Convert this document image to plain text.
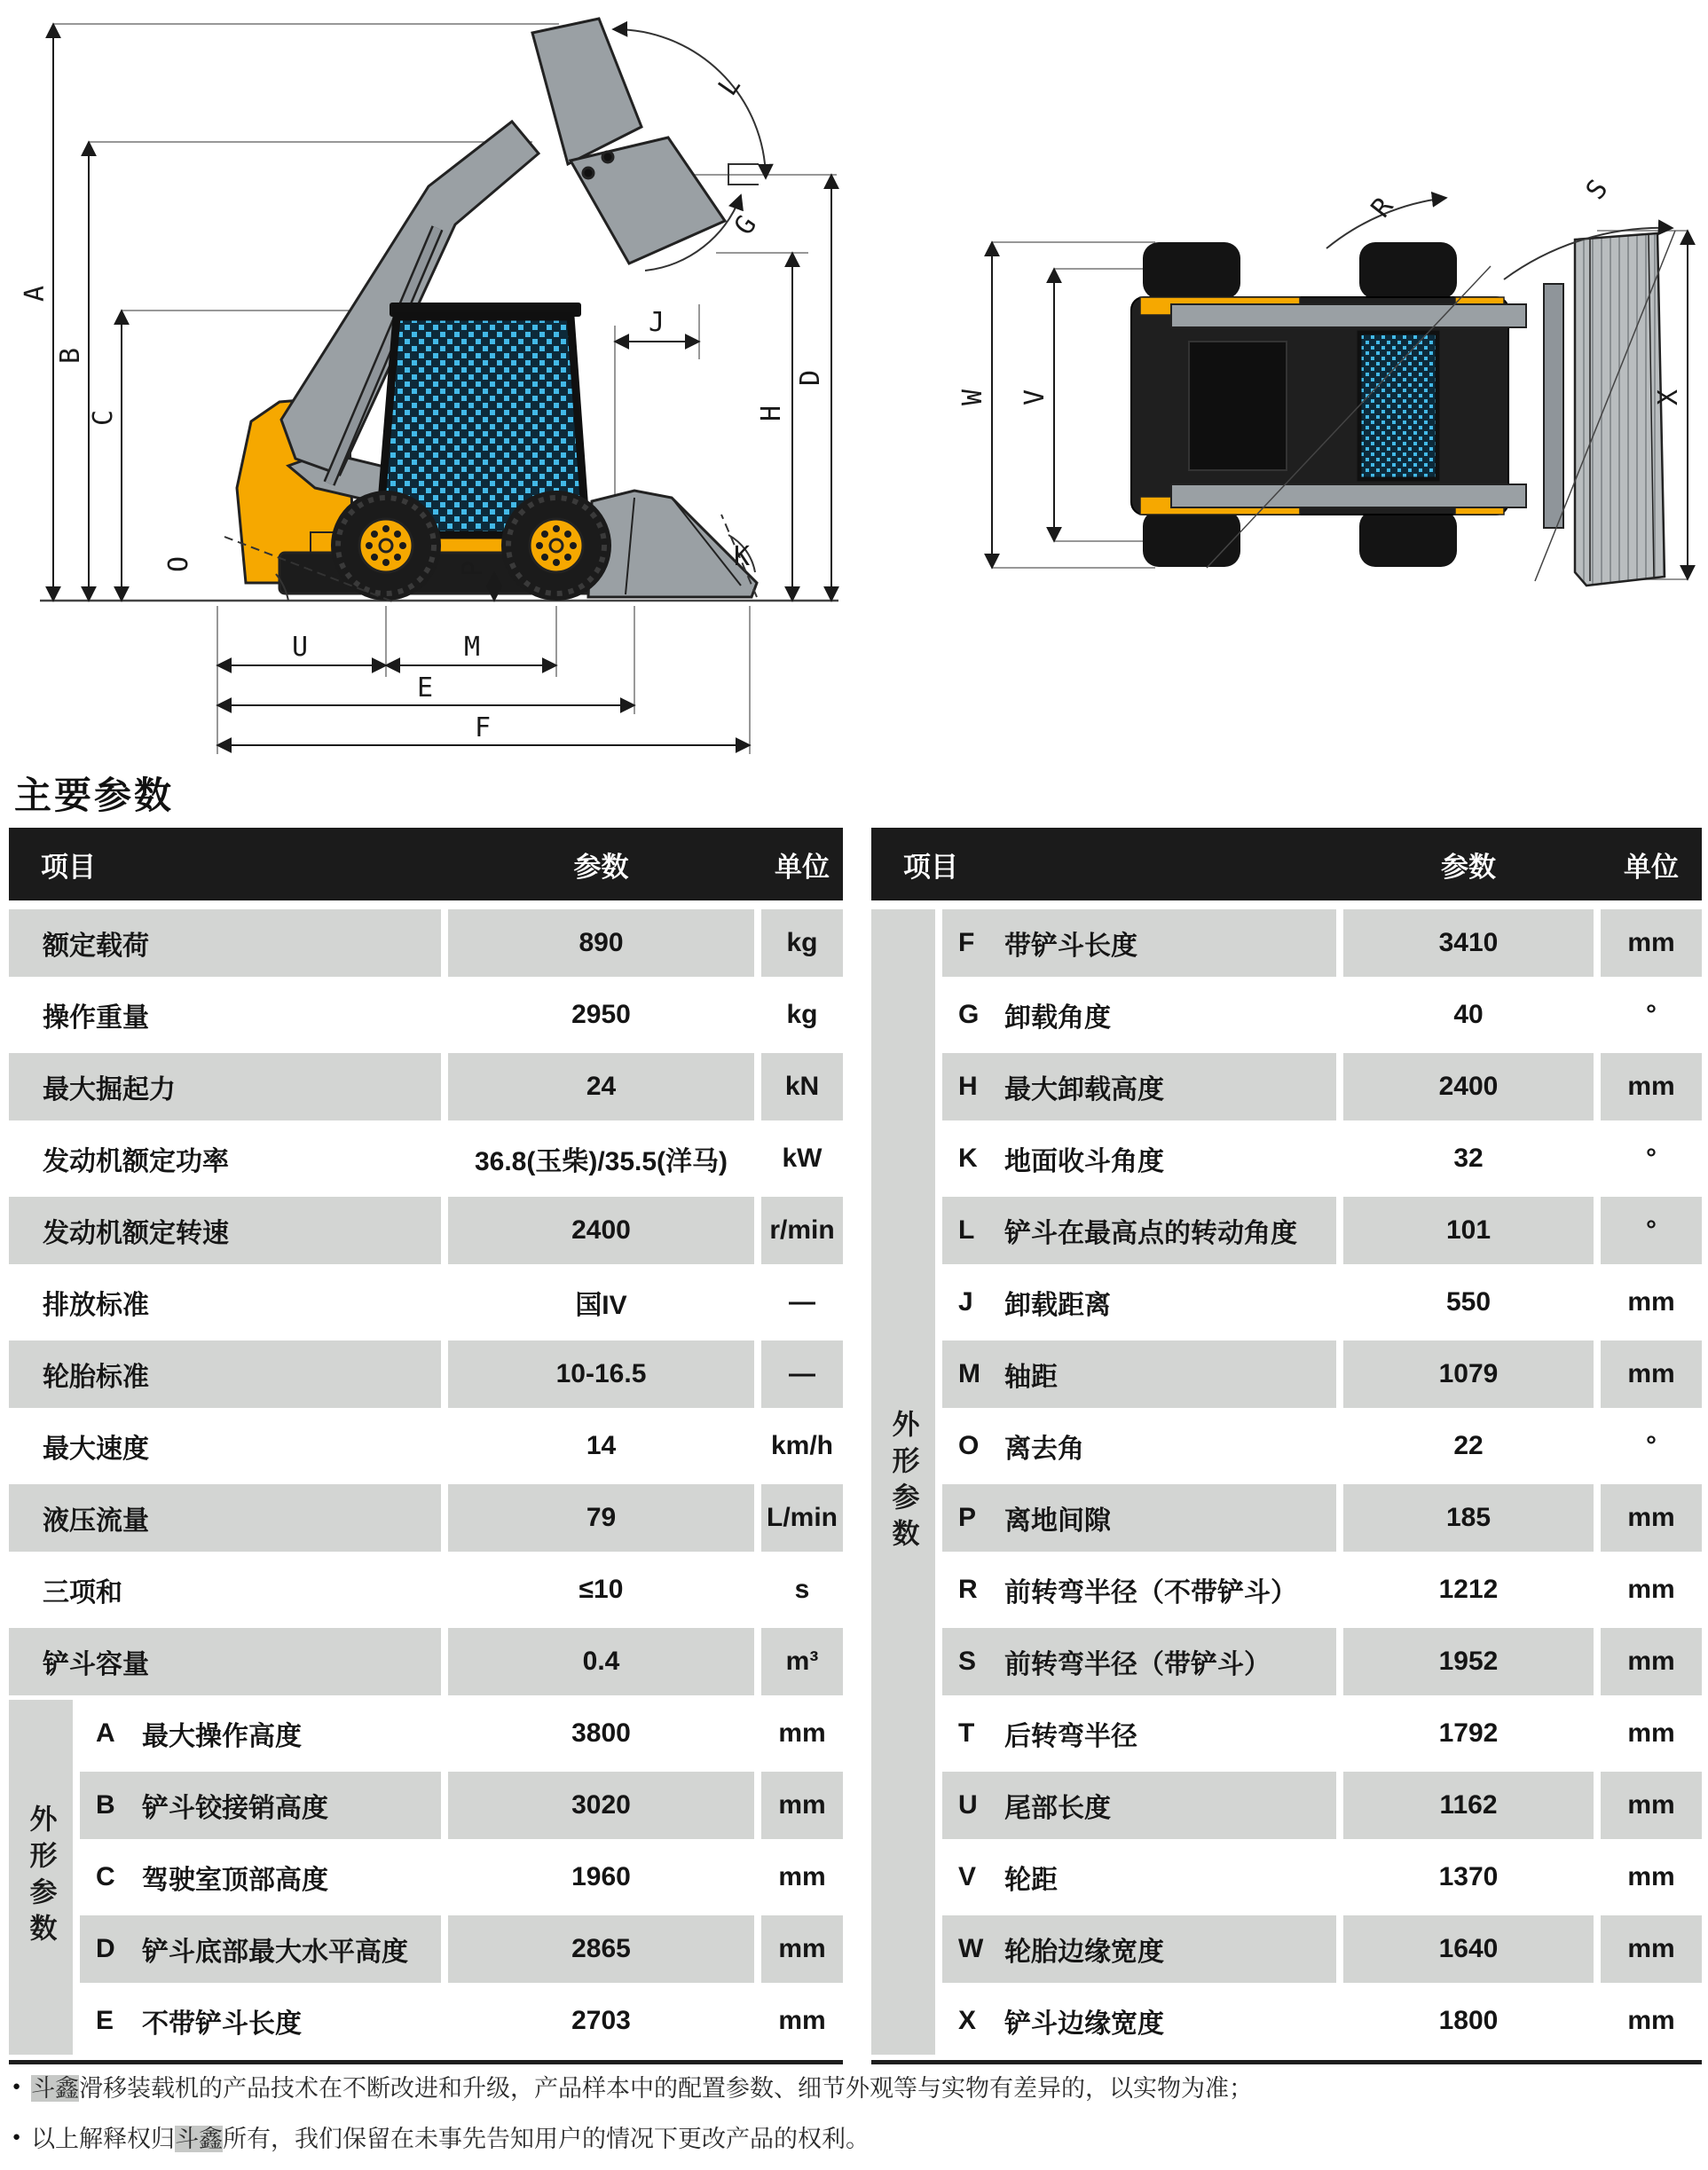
A
B
C
O	P
U	M
E
F
J
H
D
K
L
G
W V	X
R
S
主要参数
项目	参数	单位
额定载荷	890	kg
操作重量	2950	kg
最大掘起力	24	kN
发动机额定功率	36.8(玉柴)/35.5(洋马)	kW
发动机额定转速	2400	r/min
排放标准	国IV	—
轮胎标准	10-16.5	—
最大速度	14	km/h
液压流量	79	L/min
三项和	≤10	s
铲斗容量	0.4	m³
外形参数
A	最大操作高度	3800	mm
B	铲斗铰接销高度	3020	mm
C	驾驶室顶部高度	1960	mm
D	铲斗底部最大水平高度	2865	mm
E	不带铲斗长度	2703	mm
项目	参数	单位
外形参数
F	带铲斗长度	3410	mm
G 卸载角度	40	°
H	最大卸载高度	2400	mm
K	地面收斗角度	32	°
L	铲斗在最高点的转动角度	101	°
J	卸载距离	550	mm
M 轴距	1079	mm
O 离去角	22	°
P	离地间隙	185	mm
R	前转弯半径（不带铲斗）	1212	mm
S	前转弯半径（带铲斗）	1952	mm
T	后转弯半径	1792	mm
U	尾部长度	1162	mm
V	轮距	1370	mm
W 轮胎边缘宽度	1640	mm
X	铲斗边缘宽度	1800	mm
● 斗鑫滑移装载机的产品技术在不断改进和升级，产品样本中的配置参数、细节外观等与实物有差异的，以实物为准；
● 以上解释权归斗鑫所有，我们保留在未事先告知用户的情况下更改产品的权利。
